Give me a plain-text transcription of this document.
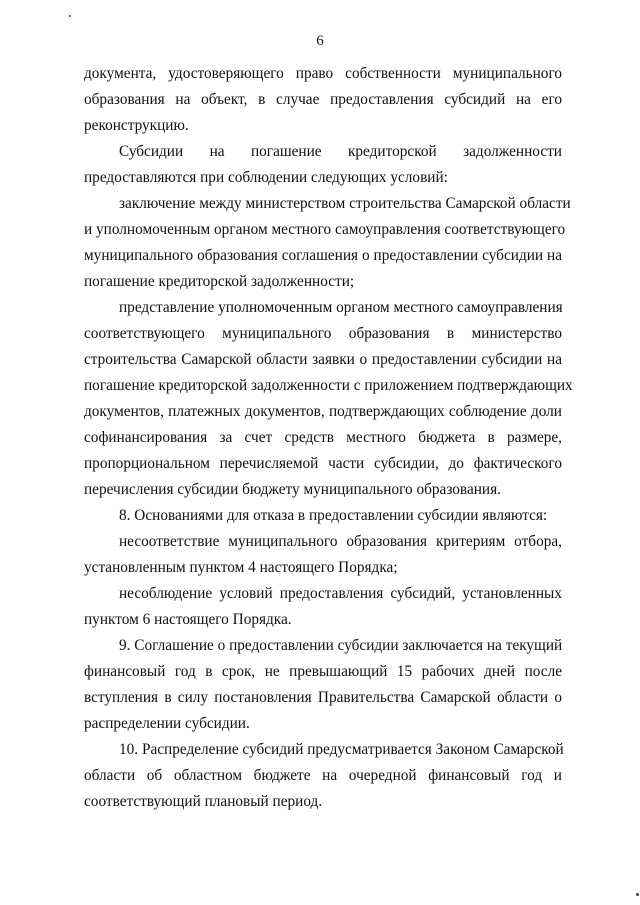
6
документа, удостоверяющего право собственности муниципального
образования на объект, в случае предоставления субсидий на его
реконструкцию.
Субсидии на погашение кредиторской задолженности
предоставляются при соблюдении следующих условий:
заключение между министерством строительства Самарской области
и уполномоченным органом местного самоуправления соответствующего
муниципального образования соглашения о предоставлении субсидии на
погашение кредиторской задолженности;
представление уполномоченным органом местного самоуправления
соответствующего муниципального образования в министерство
строительства Самарской области заявки о предоставлении субсидии на
погашение кредиторской задолженности с приложением подтверждающих
документов, платежных документов, подтверждающих соблюдение доли
софинансирования за счет средств местного бюджета в размере,
пропорциональном перечисляемой части субсидии, до фактического
перечисления субсидии бюджету муниципального образования.
8. Основаниями для отказа в предоставлении субсидии являются:
несоответствие муниципального образования критериям отбора,
установленным пунктом 4 настоящего Порядка;
несоблюдение условий предоставления субсидий, установленных
пунктом 6 настоящего Порядка.
9. Соглашение о предоставлении субсидии заключается на текущий
финансовый год в срок, не превышающий 15 рабочих дней после
вступления в силу постановления Правительства Самарской области о
распределении субсидии.
10. Распределение субсидий предусматривается Законом Самарской
области об областном бюджете на очередной финансовый год и
соответствующий плановый период.
